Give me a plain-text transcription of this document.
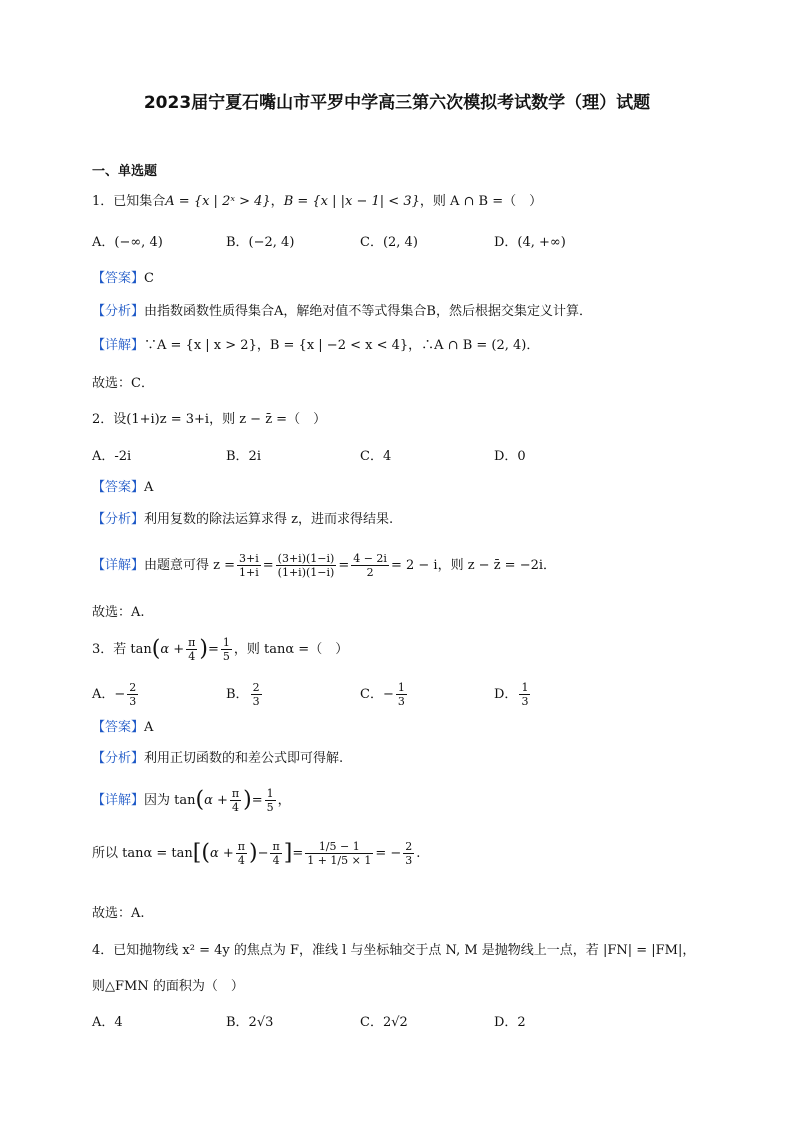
2023届宁夏石嘴山市平罗中学高三第六次模拟考试数学（理）试题
一、单选题
1．已知集合A = {x | 2ˣ > 4}，B = {x | |x − 1| < 3}，则 A ∩ B =（　）
A．(−∞, 4)	B．(−2, 4)	C．(2, 4)	D．(4, +∞)
【答案】C
【分析】由指数函数性质得集合A，解绝对值不等式得集合B，然后根据交集定义计算．
【详解】∵A = {x | x > 2}，B = {x | −2 < x < 4}，∴A ∩ B = (2, 4)．
故选：C．
2．设(1+i)z = 3+i，则 z − z̄ =（　）
A．-2i	B．2i	C．4	D．0
【答案】A
【分析】利用复数的除法运算求得 z，进而求得结果.
【详解】由题意可得 $z = \frac{3+i}{1+i} = \frac{(3+i)(1-i)}{(1+i)(1-i)} = \frac{4 - 2i}{2} = 2 - i$，则 z − z̄ = −2i．
故选：A.
3．若 $\tan(\alpha + \frac{\pi}{4}$ )= $\frac{1}{5}$ ，则 tanα =（　）
A．− $\frac{2}{3}$	B． $\frac{2}{3}$	C．− $\frac{1}{3}$	D． $\frac{1}{3}$
【答案】A
【分析】利用正切函数的和差公式即可得解.
【详解】因为 $\tan(\alpha + \frac{\pi}{4}$ )= $\frac{1}{5}$ ，
所以 $\tan\alpha = \tan[(\alpha + \frac{\pi}{4}$ )− $\frac{\pi}{4}$ ]= $\frac{1/5 - 1}{1 + 1/5 \times 1}$ = − $\frac{2}{3}$ .
故选：A.
4．已知抛物线 x² = 4y 的焦点为 F，准线 l 与坐标轴交于点 N, M 是抛物线上一点，若 |FN| = |FM|，
则△FMN 的面积为（　）
A．4	B．2√3	C．2√2	D．2
